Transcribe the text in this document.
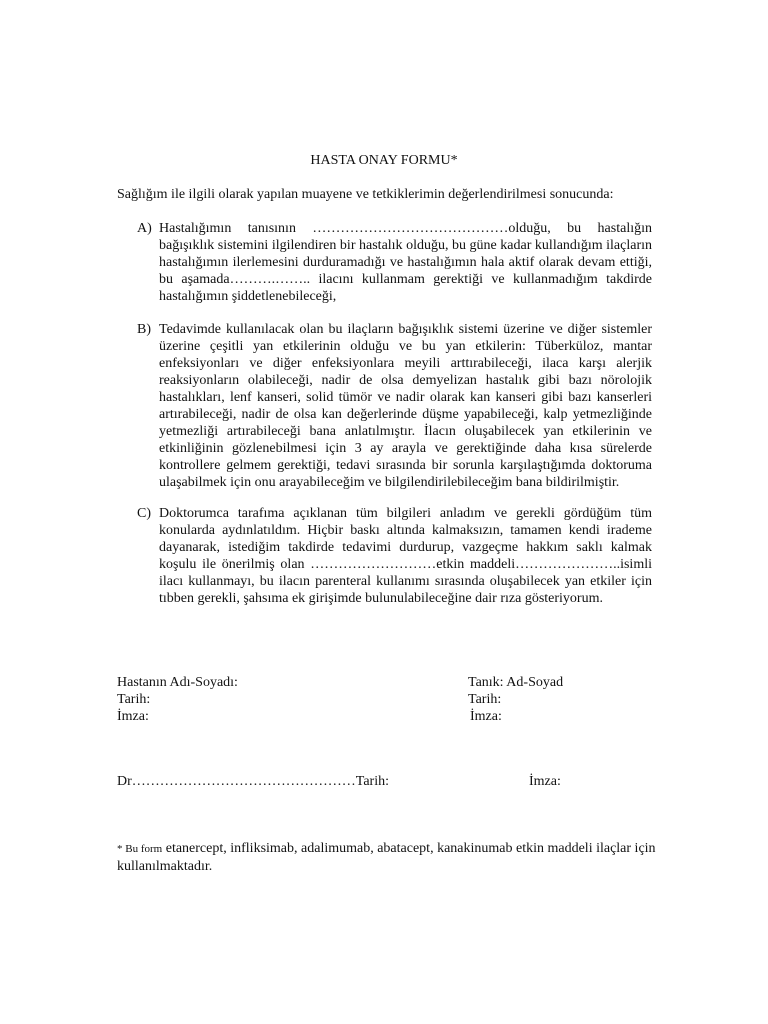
HASTA ONAY FORMU*
Sağlığım ile ilgili olarak yapılan muayene ve tetkiklerimin değerlendirilmesi sonucunda:
A) Hastalığımın tanısının ……………………………………olduğu, bu hastalığın bağışıklık sistemini ilgilendiren bir hastalık olduğu, bu güne kadar kullandığım ilaçların hastalığımın ilerlemesini durduramadığı ve hastalığımın hala aktif olarak devam ettiği, bu aşamada……….…….. ilacını kullanmam gerektiği ve kullanmadığım takdirde hastalığımın şiddetlenebileceği,
B) Tedavimde kullanılacak olan bu ilaçların bağışıklık sistemi üzerine ve diğer sistemler üzerine çeşitli yan etkilerinin olduğu ve bu yan etkilerin: Tüberküloz, mantar enfeksiyonları ve diğer enfeksiyonlara meyili arttırabileceği, ilaca karşı alerjik reaksiyonların olabileceği, nadir de olsa demyelizan hastalık gibi bazı nörolojik hastalıkları, lenf kanseri, solid tümör ve nadir olarak kan kanseri gibi bazı kanserleri artırabileceği, nadir de olsa kan değerlerinde düşme yapabileceği, kalp yetmezliğinde yetmezliği artırabileceği bana anlatılmıştır. İlacın oluşabilecek yan etkilerinin ve etkinliğinin gözlenebilmesi için 3 ay arayla ve gerektiğinde daha kısa sürelerde kontrollere gelmem gerektiği, tedavi sırasında bir sorunla karşılaştığımda doktoruma ulaşabilmek için onu arayabileceğim ve bilgilendirilebileceğim bana bildirilmiştir.
C) Doktorumca tarafıma açıklanan tüm bilgileri anladım ve gerekli gördüğüm tüm konularda aydınlatıldım. Hiçbir baskı altında kalmaksızın, tamamen kendi irademe dayanarak, istediğim takdirde tedavimi durdurup, vazgeçme hakkım saklı kalmak koşulu ile önerilmiş olan ………………………etkin maddeli…………………..isimli ilacı kullanmayı, bu ilacın parenteral kullanımı sırasında oluşabilecek yan etkiler için tıbben gerekli, şahsıma ek girişimde bulunulabileceğine dair rıza gösteriyorum.
Hastanın Adı-Soyadı:
Tarih:
İmza:
Tanık: Ad-Soyad
Tarih:
İmza:
Dr…………………………………………Tarih:	İmza:
* Bu form etanercept, infliksimab, adalimumab, abatacept, kanakinumab etkin maddeli ilaçlar için kullanılmaktadır.
